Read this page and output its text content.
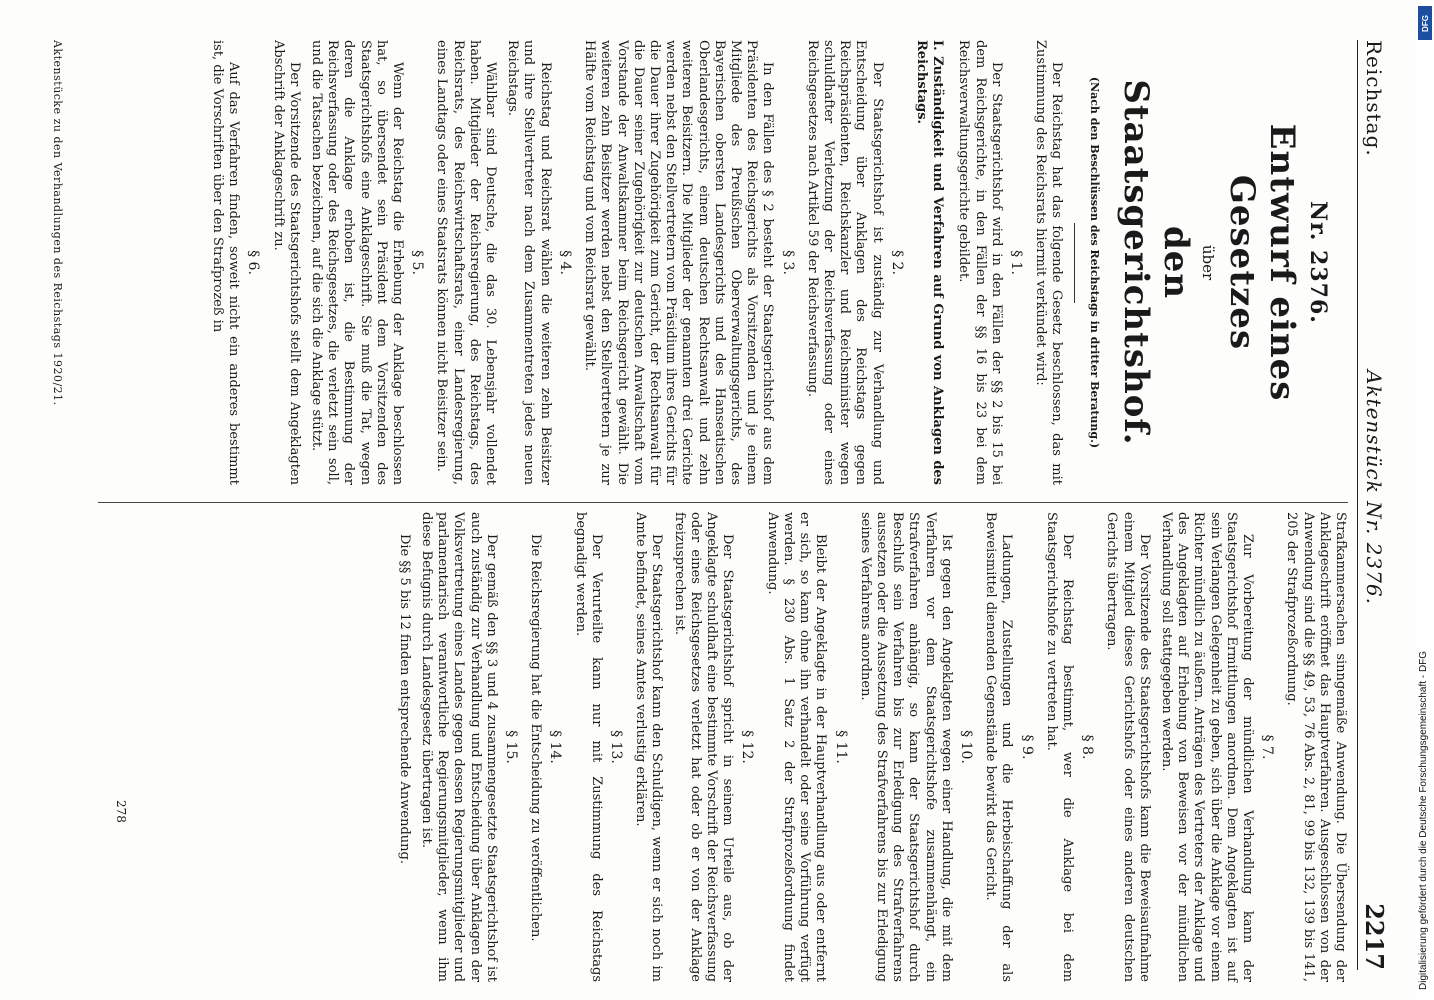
Reichstag.
Aktenstück Nr. 2376.
2217
Nr. 2376.
Entwurf eines Gesetzes
über
den Staatsgerichtshof.
(Nach den Beschlüssen des Reichstags in dritter Beratung.)

Der Reichstag hat das folgende Gesetz beschlossen, das mit Zustimmung des Reichsrats hiermit verkündet wird:

§ 1.

Der Staatsgerichtshof wird in den Fällen der §§ 2 bis 15 bei dem Reichsgerichte, in den Fällen der §§ 16 bis 23 bei dem Reichsverwaltungsgerichte gebildet.

I. Zuständigkeit und Verfahren auf Grund von Anklagen des Reichstags.
§ 2.

Der Staatsgerichtshof ist zuständig zur Verhandlung und Entscheidung über Anklagen des Reichstags gegen Reichspräsidenten, Reichskanzler und Reichsminister wegen schuldhafter Verletzung der Reichsverfassung oder eines Reichsgesetzes nach Artikel 59 der Reichsverfassung.

§ 3.

In den Fällen des § 2 besteht der Staatsgerichtshof aus dem Präsidenten des Reichsgerichts als Vorsitzenden und je einem Mitgliede des Preußischen Oberverwaltungsgerichts, des Bayerischen obersten Landesgerichts und des Hanseatischen Oberlandesgerichts, einem deutschen Rechtsanwalt und zehn weiteren Beisitzern. Die Mitglieder der genannten drei Gerichte werden nebst den Stellvertretern vom Präsidium ihres Gerichts für die Dauer ihrer Zugehörigkeit zum Gericht, der Rechtsanwalt für die Dauer seiner Zugehörigkeit zur deutschen Anwaltschaft vom Vorstande der Anwaltskammer beim Reichsgericht gewählt. Die weiteren zehn Beisitzer werden nebst den Stellvertretern je zur Hälfte vom Reichstag und vom Reichsrat gewählt.

§ 4.

Reichstag und Reichsrat wählen die weiteren zehn Beisitzer und ihre Stellvertreter nach dem Zusammentreten jedes neuen Reichstags.

Wählbar sind Deutsche, die das 30. Lebensjahr vollendet haben. Mitglieder der Reichsregierung, des Reichstags, des Reichsrats, des Reichswirtschaftsrats, einer Landesregierung, eines Landtags oder eines Staatsrats können nicht Beisitzer sein.

§ 5.

Wenn der Reichstag die Erhebung der Anklage beschlossen hat, so übersendet sein Präsident dem Vorsitzenden des Staatsgerichtshofs eine Anklageschrift. Sie muß die Tat, wegen deren die Anklage erhoben ist, die Bestimmung der Reichsverfassung oder des Reichsgesetzes, die verletzt sein soll, und die Tatsachen bezeichnen, auf die sich die Anklage stützt.

Der Vorsitzende des Staatsgerichtshofs stellt dem Angeklagten Abschrift der Anklageschrift zu.

§ 6.

Auf das Verfahren finden, soweit nicht ein anderes bestimmt ist, die Vorschriften über den Strafprozeß in

Strafkammersachen sinngemäße Anwendung. Die Übersendung der Anklageschrift eröffnet das Hauptverfahren. Ausgeschlossen von der Anwendung sind die §§ 49, 53, 76 Abs. 2, 81, 99 bis 132, 139 bis 141, 205 der Strafprozeßordnung.

§ 7.

Zur Vorbereitung der mündlichen Verhandlung kann der Staatsgerichtshof Ermittlungen anordnen. Dem Angeklagten ist auf sein Verlangen Gelegenheit zu geben, sich über die Anklage vor einem Richter mündlich zu äußern. Anträgen des Vertreters der Anklage und des Angeklagten auf Erhebung von Beweisen vor der mündlichen Verhandlung soll stattgegeben werden.

Der Vorsitzende des Staatsgerichtshofs kann die Beweisaufnahme einem Mitglied dieses Gerichtshofs oder eines anderen deutschen Gerichts übertragen.

§ 8.

Der Reichstag bestimmt, wer die Anklage bei dem Staatsgerichtshofe zu vertreten hat.

§ 9.

Ladungen, Zustellungen und die Herbeischaffung der als Beweismittel dienenden Gegenstände bewirkt das Gericht.

§ 10.

Ist gegen den Angeklagten wegen einer Handlung, die mit dem Verfahren vor dem Staatsgerichtshofe zusammenhängt, ein Strafverfahren anhängig, so kann der Staatsgerichtshof durch Beschluß sein Verfahren bis zur Erledigung des Strafverfahrens aussetzen oder die Aussetzung des Strafverfahrens bis zur Erledigung seines Verfahrens anordnen.

§ 11.

Bleibt der Angeklagte in der Hauptverhandlung aus oder entfernt er sich, so kann ohne ihn verhandelt oder seine Vorführung verfügt werden. § 230 Abs. 1 Satz 2 der Strafprozeßordnung findet Anwendung.

§ 12.

Der Staatsgerichtshof spricht in seinem Urteile aus, ob der Angeklagte schuldhaft eine bestimmte Vorschrift der Reichsverfassung oder eines Reichsgesetzes verletzt hat oder ob er von der Anklage freizusprechen ist.

Der Staatsgerichtshof kann den Schuldigen, wenn er sich noch im Amte befindet, seines Amtes verlustig erklären.

§ 13.

Der Verurteilte kann nur mit Zustimmung des Reichstags begnadigt werden.

§ 14.

Die Reichsregierung hat die Entscheidung zu veröffentlichen.

§ 15.

Der gemäß den §§ 3 und 4 zusammengesetzte Staatsgerichtshof ist auch zuständig zur Verhandlung und Entscheidung über Anklagen der Volksvertretung eines Landes gegen dessen Regierungsmitglieder und parlamentarisch verantwortliche Regierungsmitglieder, wenn ihm diese Befugnis durch Landesgesetz übertragen ist.

Die §§ 5 bis 12 finden entsprechende Anwendung.

278
Aktenstücke zu den Verhandlungen des Reichstags 1920/21.
DFG
Digitalisierung gefördert durch die Deutsche Forschungsgemeinschaft - DFG
